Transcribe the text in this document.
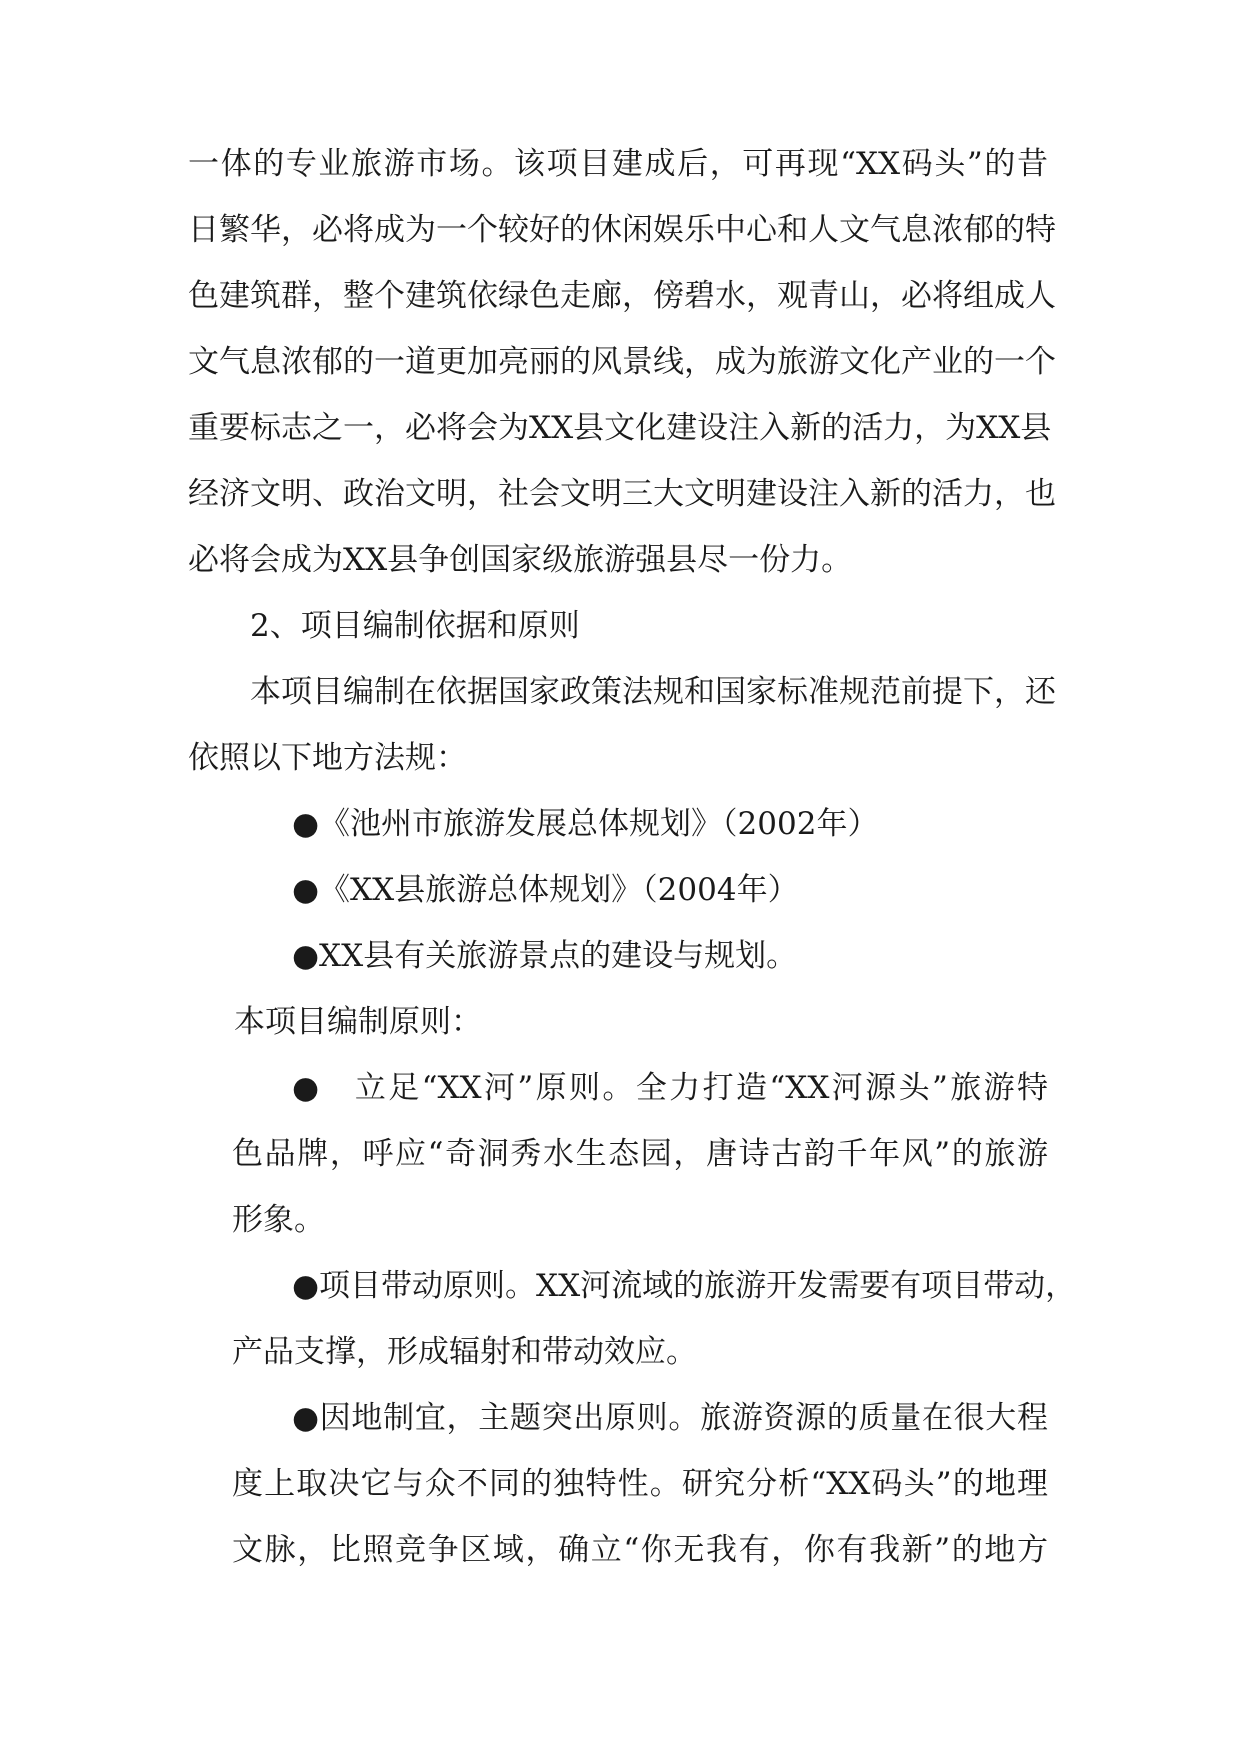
一体的专业旅游市场。该项目建成后，可再现“XX码头”的昔
日繁华，必将成为一个较好的休闲娱乐中心和人文气息浓郁的特
色建筑群，整个建筑依绿色走廊，傍碧水，观青山，必将组成人
文气息浓郁的一道更加亮丽的风景线，成为旅游文化产业的一个
重要标志之一，必将会为XX县文化建设注入新的活力，为XX县
经济文明、政治文明，社会文明三大文明建设注入新的活力，也
必将会成为XX县争创国家级旅游强县尽一份力。
2、项目编制依据和原则
本项目编制在依据国家政策法规和国家标准规范前提下，还
依照以下地方法规：
●《池州市旅游发展总体规划》（2002年）
●《XX县旅游总体规划》（2004年）
●XX县有关旅游景点的建设与规划。
本项目编制原则：
●　立足“XX河”原则。全力打造“XX河源头”旅游特
色品牌，呼应“奇洞秀水生态园，唐诗古韵千年风”的旅游
形象。
●项目带动原则。XX河流域的旅游开发需要有项目带动，
产品支撑，形成辐射和带动效应。
●因地制宜，主题突出原则。旅游资源的质量在很大程
度上取决它与众不同的独特性。研究分析“XX码头”的地理
文脉，比照竞争区域，确立“你无我有，你有我新”的地方
